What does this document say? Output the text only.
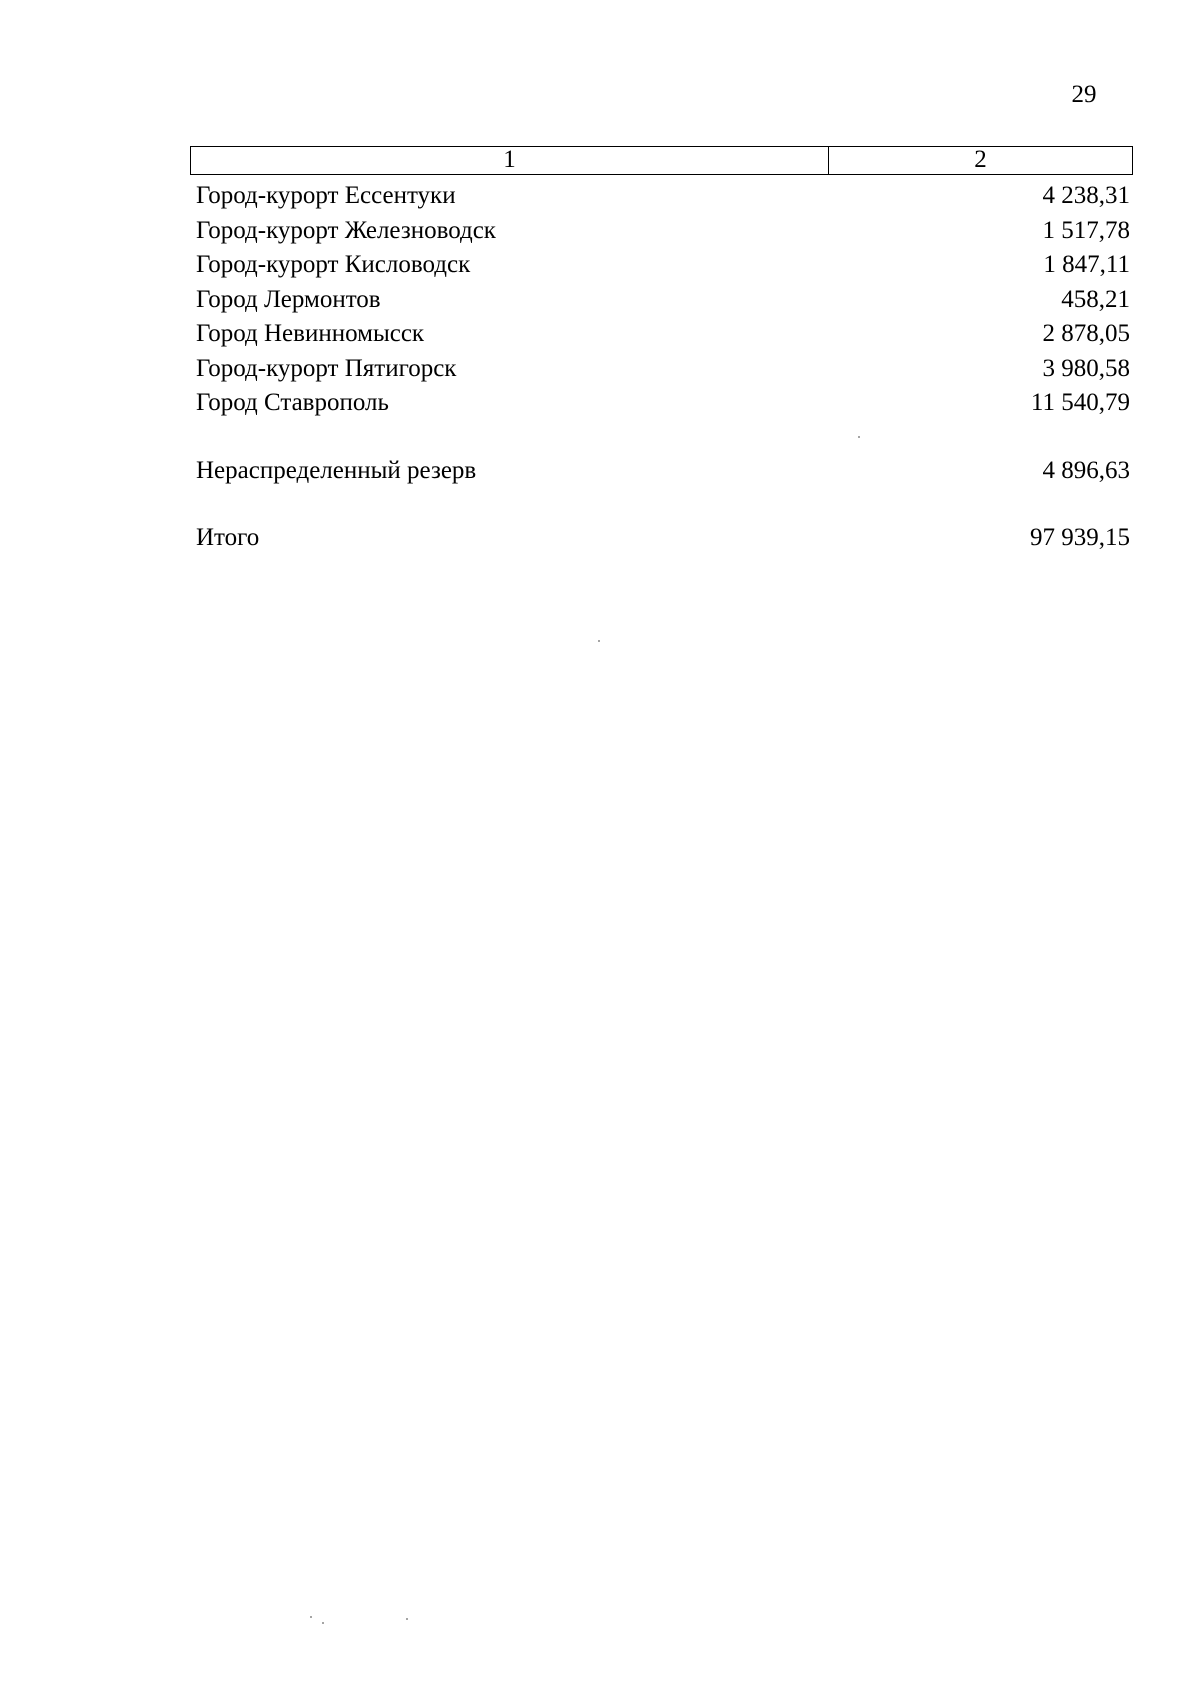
29
1	2
Город-курорт Ессентуки	4 238,31
Город-курорт Железноводск	1 517,78
Город-курорт Кисловодск	1 847,11
Город Лермонтов	458,21
Город Невинномысск	2 878,05
Город-курорт Пятигорск	3 980,58
Город Ставрополь	11 540,79
Нераспределенный резерв	4 896,63
Итого	97 939,15
